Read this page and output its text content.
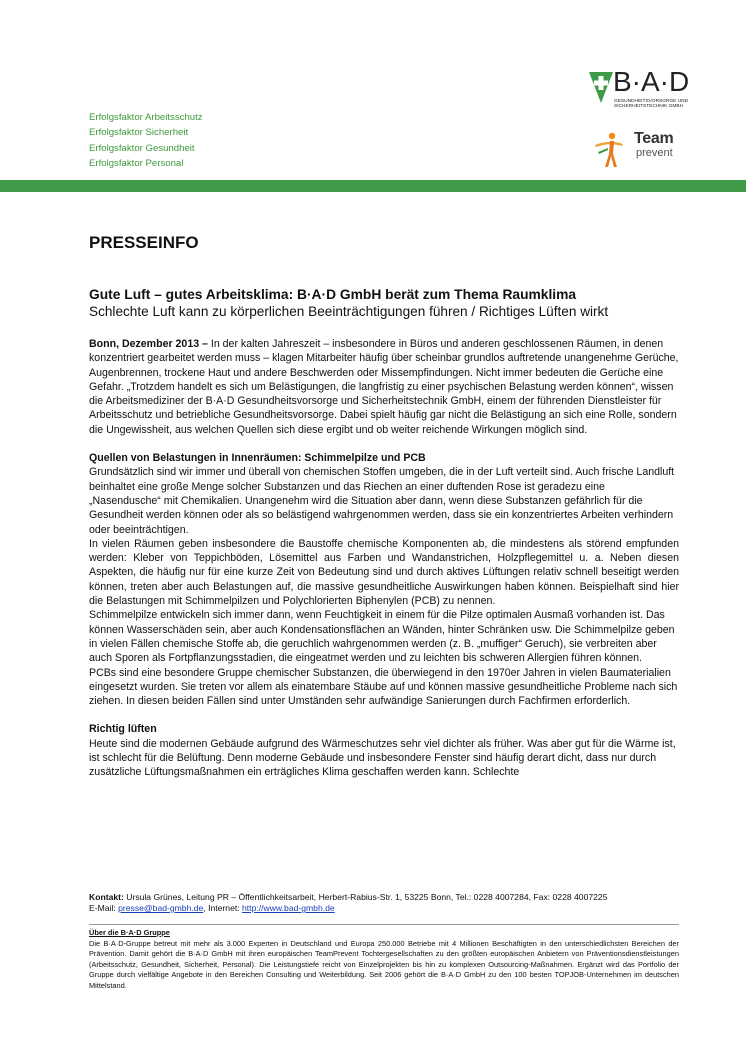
Erfolgsfaktor Arbeitsschutz
Erfolgsfaktor Sicherheit
Erfolgsfaktor Gesundheit
Erfolgsfaktor Personal
B·A·D
GESUNDHEITSVORSORGE UND
SICHERHEITSTECHNIK GMBH
Team
prevent
PRESSEINFO
Gute Luft – gutes Arbeitsklima: B·A·D GmbH berät zum Thema Raumklima
Schlechte Luft kann zu körperlichen Beeinträchtigungen führen / Richtiges Lüften wirkt

Bonn, Dezember 2013 – In der kalten Jahreszeit – insbesondere in Büros und anderen geschlossenen Räumen, in denen konzentriert gearbeitet werden muss – klagen Mitarbeiter häufig über scheinbar grundlos auftretende unangenehme Gerüche, Augenbrennen, trockene Haut und andere Beschwerden oder Missempfindungen. Nicht immer bedeuten die Gerüche eine Gefahr. „Trotzdem handelt es sich um Belästigungen, die langfristig zu einer psychischen Belastung werden können“, wissen die Arbeitsmediziner der B·A·D Gesundheitsvorsorge und Sicherheitstechnik GmbH, einem der führenden Dienstleister für Arbeitsschutz und betriebliche Gesundheitsvorsorge. Dabei spielt häufig gar nicht die Belästigung an sich eine Rolle, sondern die Ungewissheit, aus welchen Quellen sich diese ergibt und ob weiter reichende Wirkungen möglich sind.

Quellen von Belastungen in Innenräumen: Schimmelpilze und PCB

Grundsätzlich sind wir immer und überall von chemischen Stoffen umgeben, die in der Luft verteilt sind. Auch frische Landluft beinhaltet eine große Menge solcher Substanzen und das Riechen an einer duftenden Rose ist geradezu eine „Nasendusche“ mit Chemikalien. Unangenehm wird die Situation aber dann, wenn diese Substanzen gefährlich für die Gesundheit werden können oder als so belästigend wahrgenommen werden, dass sie ein konzentriertes Arbeiten verhindern oder beeinträchtigen.

In vielen Räumen geben insbesondere die Baustoffe chemische Komponenten ab, die mindestens als störend empfunden werden: Kleber von Teppichböden, Lösemittel aus Farben und Wandanstrichen, Holzpflegemittel u. a. Neben diesen Aspekten, die häufig nur für eine kurze Zeit von Bedeutung sind und durch aktives Lüftungen relativ schnell beseitigt werden können, treten aber auch Belastungen auf, die massive gesundheitliche Auswirkungen haben können. Beispielhaft sind hier die Belastungen mit Schimmelpilzen und Polychlorierten Biphenylen (PCB) zu nennen.

Schimmelpilze entwickeln sich immer dann, wenn Feuchtigkeit in einem für die Pilze optimalen Ausmaß vorhanden ist. Das können Wasserschäden sein, aber auch Kondensationsflächen an Wänden, hinter Schränken usw. Die Schimmelpilze geben in vielen Fällen chemische Stoffe ab, die geruchlich wahrgenommen werden (z. B. „muffiger“ Geruch), sie verbreiten aber auch Sporen als Fortpflanzungsstadien, die eingeatmet werden und zu leichten bis schweren Allergien führen können.

PCBs sind eine besondere Gruppe chemischer Substanzen, die überwiegend in den 1970er Jahren in vielen Baumaterialien eingesetzt wurden. Sie treten vor allem als einatembare Stäube auf und können massive gesundheitliche Probleme nach sich ziehen. In diesen beiden Fällen sind unter Umständen sehr aufwändige Sanierungen durch Fachfirmen erforderlich.

Richtig lüften

Heute sind die modernen Gebäude aufgrund des Wärmeschutzes sehr viel dichter als früher. Was aber gut für die Wärme ist, ist schlecht für die Belüftung. Denn moderne Gebäude und insbesondere Fenster sind häufig derart dicht, dass nur durch zusätzliche Lüftungsmaßnahmen ein erträgliches Klima geschaffen werden kann. Schlechte

Kontakt: Ursula Grünes, Leitung PR – Öffentlichkeitsarbeit, Herbert-Rabius-Str. 1, 53225 Bonn, Tel.: 0228 4007284, Fax: 0228 4007225
E-Mail: presse@bad-gmbh.de, Internet: http://www.bad-gmbh.de
Über die B·A·D Gruppe
Die B·A·D-Gruppe betreut mit mehr als 3.000 Experten in Deutschland und Europa 250.000 Betriebe mit 4 Millionen Beschäftigten in den unterschiedlichsten Bereichen der Prävention. Damit gehört die B·A·D GmbH mit ihren europäischen TeamPrevent Tochtergesellschaften zu den größten europäischen Anbietern von Präventionsdienstleistungen (Arbeitsschutz, Gesundheit, Sicherheit, Personal). Die Leistungstiefe reicht von Einzelprojekten bis hin zu komplexen Outsourcing-Maßnahmen. Ergänzt wird das Portfolio der Gruppe durch vielfältige Angebote in den Bereichen Consulting und Weiterbildung. Seit 2006 gehört die B·A·D GmbH zu den 100 besten TOPJOB-Unternehmen im deutschen Mittelstand.
